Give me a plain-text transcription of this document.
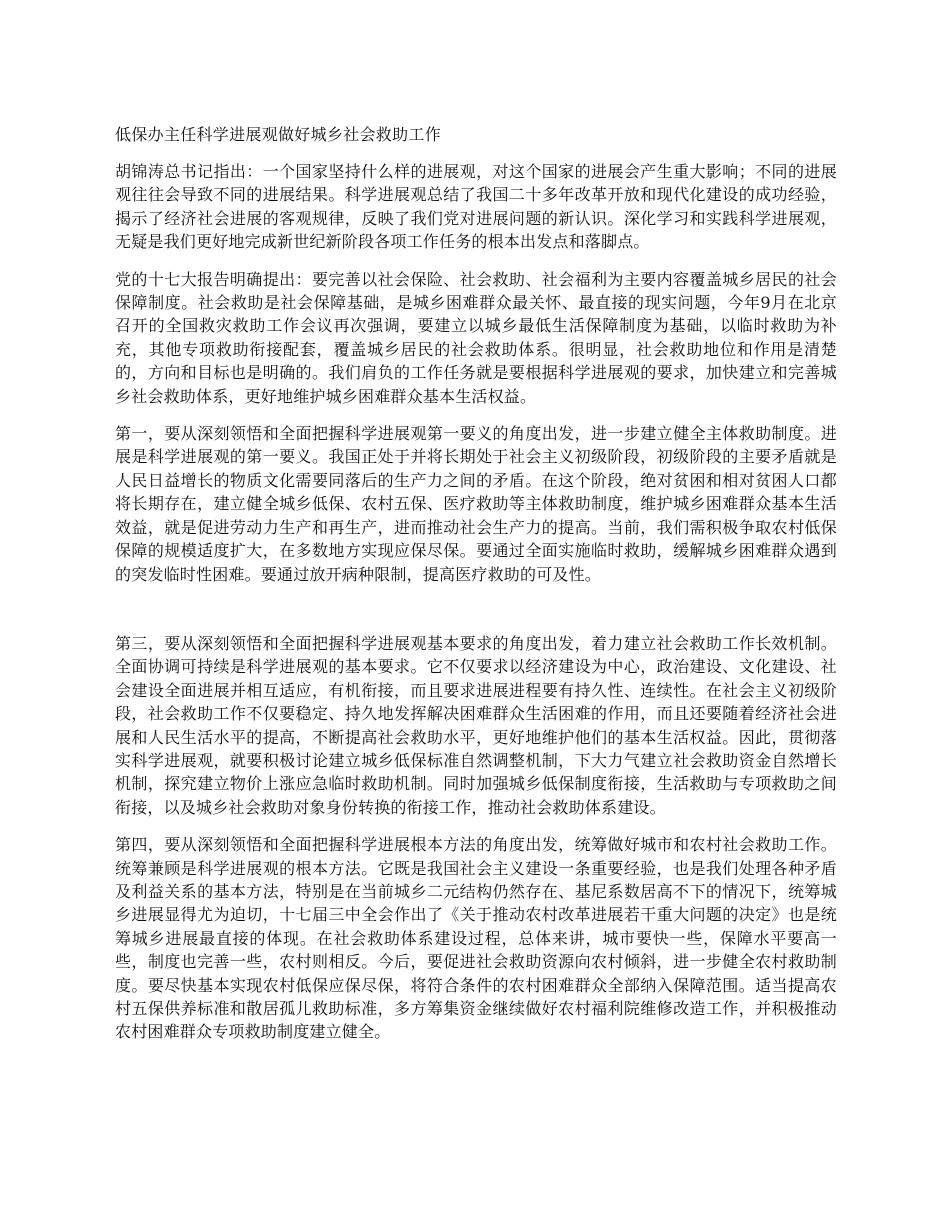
低保办主任科学进展观做好城乡社会救助工作

胡锦涛总书记指出：一个国家坚持什么样的进展观，对这个国家的进展会产生重大影响；不同的进展观往往会导致不同的进展结果。科学进展观总结了我国二十多年改革开放和现代化建设的成功经验，揭示了经济社会进展的客观规律，反映了我们党对进展问题的新认识。深化学习和实践科学进展观，无疑是我们更好地完成新世纪新阶段各项工作任务的根本出发点和落脚点。

党的十七大报告明确提出：要完善以社会保险、社会救助、社会福利为主要内容覆盖城乡居民的社会保障制度。社会救助是社会保障基础，是城乡困难群众最关怀、最直接的现实问题，今年9月在北京召开的全国救灾救助工作会议再次强调，要建立以城乡最低生活保障制度为基础，以临时救助为补充，其他专项救助衔接配套，覆盖城乡居民的社会救助体系。很明显，社会救助地位和作用是清楚的，方向和目标也是明确的。我们肩负的工作任务就是要根据科学进展观的要求，加快建立和完善城乡社会救助体系，更好地维护城乡困难群众基本生活权益。

第一，要从深刻领悟和全面把握科学进展观第一要义的角度出发，进一步建立健全主体救助制度。进展是科学进展观的第一要义。我国正处于并将长期处于社会主义初级阶段，初级阶段的主要矛盾就是人民日益增长的物质文化需要同落后的生产力之间的矛盾。在这个阶段，绝对贫困和相对贫困人口都将长期存在，建立健全城乡低保、农村五保、医疗救助等主体救助制度，维护城乡困难群众基本生活效益，就是促进劳动力生产和再生产，进而推动社会生产力的提高。当前，我们需积极争取农村低保保障的规模适度扩大，在多数地方实现应保尽保。要通过全面实施临时救助，缓解城乡困难群众遇到的突发临时性困难。要通过放开病种限制，提高医疗救助的可及性。

第三，要从深刻领悟和全面把握科学进展观基本要求的角度出发，着力建立社会救助工作长效机制。全面协调可持续是科学进展观的基本要求。它不仅要求以经济建设为中心，政治建设、文化建设、社会建设全面进展并相互适应，有机衔接，而且要求进展进程要有持久性、连续性。在社会主义初级阶段，社会救助工作不仅要稳定、持久地发挥解决困难群众生活困难的作用，而且还要随着经济社会进展和人民生活水平的提高，不断提高社会救助水平，更好地维护他们的基本生活权益。因此，贯彻落实科学进展观，就要积极讨论建立城乡低保标准自然调整机制，下大力气建立社会救助资金自然增长机制，探究建立物价上涨应急临时救助机制。同时加强城乡低保制度衔接，生活救助与专项救助之间衔接，以及城乡社会救助对象身份转换的衔接工作，推动社会救助体系建设。

第四，要从深刻领悟和全面把握科学进展根本方法的角度出发，统筹做好城市和农村社会救助工作。统筹兼顾是科学进展观的根本方法。它既是我国社会主义建设一条重要经验，也是我们处理各种矛盾及利益关系的基本方法，特别是在当前城乡二元结构仍然存在、基尼系数居高不下的情况下，统筹城乡进展显得尤为迫切，十七届三中全会作出了《关于推动农村改革进展若干重大问题的决定》也是统筹城乡进展最直接的体现。在社会救助体系建设过程，总体来讲，城市要快一些，保障水平要高一些，制度也完善一些，农村则相反。今后，要促进社会救助资源向农村倾斜，进一步健全农村救助制度。要尽快基本实现农村低保应保尽保，将符合条件的农村困难群众全部纳入保障范围。适当提高农村五保供养标准和散居孤儿救助标准，多方筹集资金继续做好农村福利院维修改造工作，并积极推动农村困难群众专项救助制度建立健全。
